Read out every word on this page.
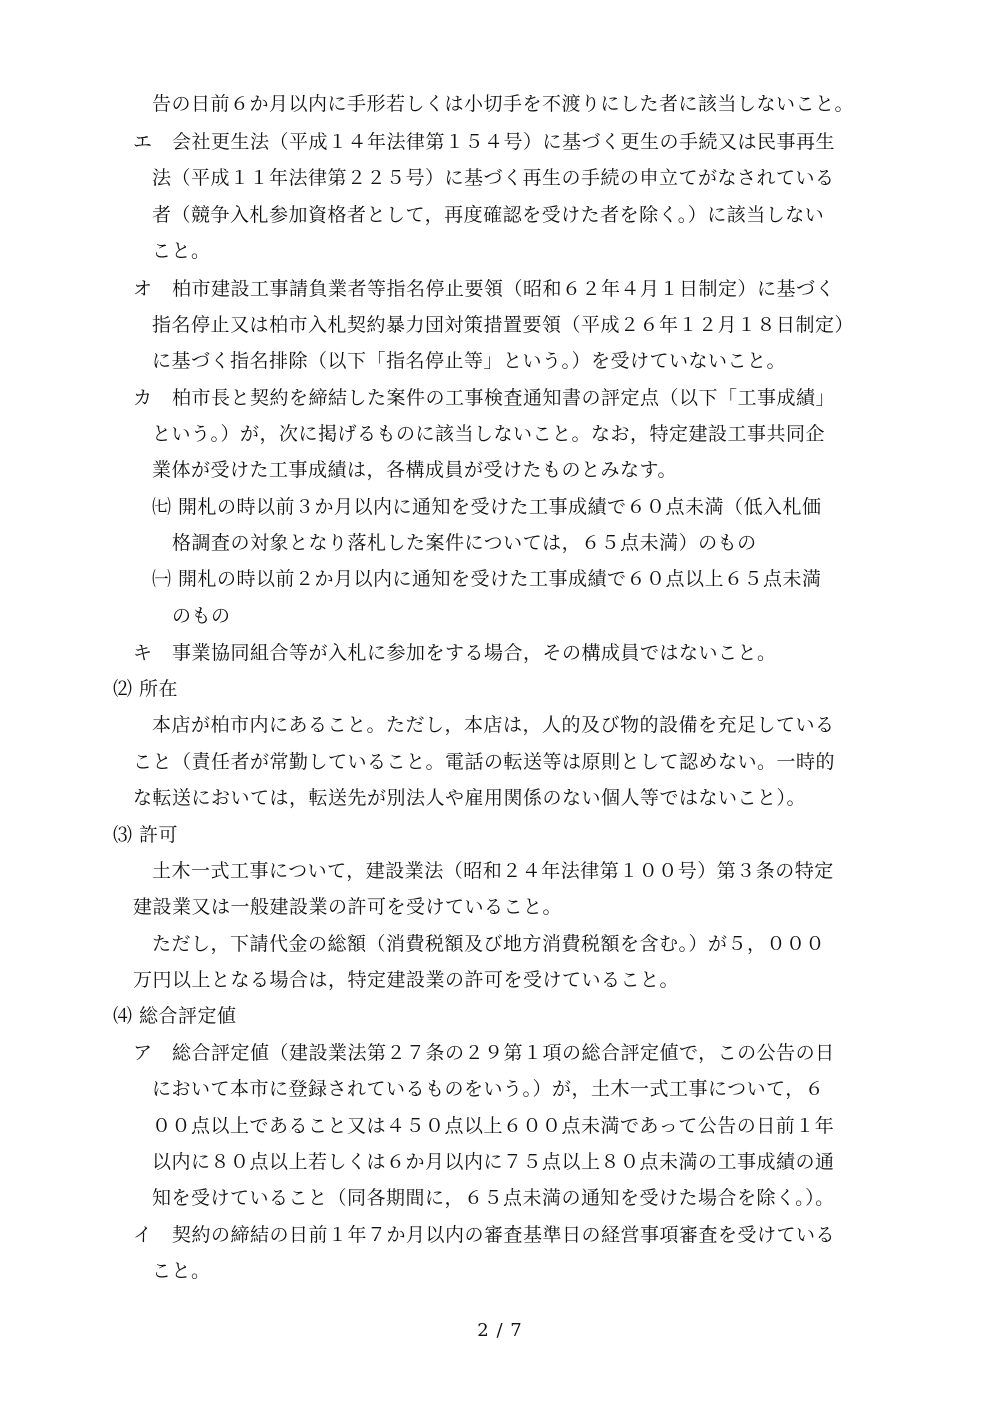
告の日前６か月以内に手形若しくは小切手を不渡りにした者に該当しないこと。
エ　会社更生法（平成１４年法律第１５４号）に基づく更生の手続又は民事再生
法（平成１１年法律第２２５号）に基づく再生の手続の申立てがなされている
者（競争入札参加資格者として，再度確認を受けた者を除く。）に該当しない
こと。
オ　柏市建設工事請負業者等指名停止要領（昭和６２年４月１日制定）に基づく
指名停止又は柏市入札契約暴力団対策措置要領（平成２６年１２月１８日制定）
に基づく指名排除（以下「指名停止等」という。）を受けていないこと。
カ　柏市長と契約を締結した案件の工事検査通知書の評定点（以下「工事成績」
という。）が，次に掲げるものに該当しないこと。なお，特定建設工事共同企
業体が受けた工事成績は，各構成員が受けたものとみなす。
㈦ 開札の時以前３か月以内に通知を受けた工事成績で６０点未満（低入札価
格調査の対象となり落札した案件については，６５点未満）のもの
㈠ 開札の時以前２か月以内に通知を受けた工事成績で６０点以上６５点未満
のもの
キ　事業協同組合等が入札に参加をする場合，その構成員ではないこと。
⑵ 所在
本店が柏市内にあること。ただし，本店は，人的及び物的設備を充足している
こと（責任者が常勤していること。電話の転送等は原則として認めない。一時的
な転送においては，転送先が別法人や雇用関係のない個人等ではないこと）。
⑶ 許可
土木一式工事について，建設業法（昭和２４年法律第１００号）第３条の特定
建設業又は一般建設業の許可を受けていること。
ただし，下請代金の総額（消費税額及び地方消費税額を含む。）が５，０００
万円以上となる場合は，特定建設業の許可を受けていること。
⑷ 総合評定値
ア　総合評定値（建設業法第２７条の２９第１項の総合評定値で，この公告の日
において本市に登録されているものをいう。）が，土木一式工事について，６
００点以上であること又は４５０点以上６００点未満であって公告の日前１年
以内に８０点以上若しくは６か月以内に７５点以上８０点未満の工事成績の通
知を受けていること（同各期間に，６５点未満の通知を受けた場合を除く。）。
イ　契約の締結の日前１年７か月以内の審査基準日の経営事項審査を受けている
こと。
2 / 7
